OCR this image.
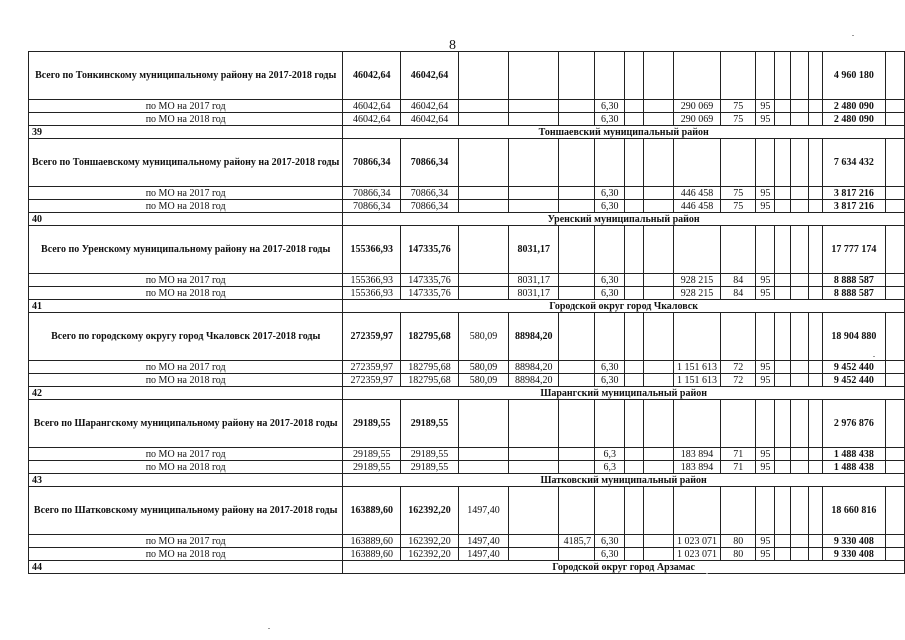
8
Всего по Тонкинскому муниципальному району на 2017-2018 годы	46042,64	46042,64													4 960 180	
по МО на 2017 год	46042,64	46042,64				6,30			290 069	75	95				2 480 090	
по МО на 2018 год	46042,64	46042,64				6,30			290 069	75	95				2 480 090	
39	Тоншаевский муниципальный район															
Всего по Тоншаевскому муниципальному району на 2017-2018 годы	70866,34	70866,34													7 634 432	
по МО на 2017 год	70866,34	70866,34				6,30			446 458	75	95				3 817 216	
по МО на 2018 год	70866,34	70866,34				6,30			446 458	75	95				3 817 216	
40	Уренский муниципальный район															
Всего по Уренскому муниципальному району на 2017-2018 годы	155366,93	147335,76		8031,17											17 777 174	
по МО на 2017 год	155366,93	147335,76		8031,17		6,30			928 215	84	95				8 888 587	
по МО на 2018 год	155366,93	147335,76		8031,17		6,30			928 215	84	95				8 888 587	
41	Городской округ город Чкаловск															
Всего по городскому округу город Чкаловск 2017-2018 годы	272359,97	182795,68	580,09	88984,20											18 904 880	
по МО на 2017 год	272359,97	182795,68	580,09	88984,20		6,30			1 151 613	72	95				9 452 440	
по МО на 2018 год	272359,97	182795,68	580,09	88984,20		6,30			1 151 613	72	95				9 452 440	
42	Шарангский муниципальный район															
Всего по Шарангскому муниципальному району на 2017-2018 годы	29189,55	29189,55													2 976 876	
по МО на 2017 год	29189,55	29189,55				6,3			183 894	71	95				1 488 438	
по МО на 2018 год	29189,55	29189,55				6,3			183 894	71	95				1 488 438	
43	Шатковский муниципальный район															
Всего по Шатковскому муниципальному району на 2017-2018 годы	163889,60	162392,20	1497,40												18 660 816	
по МО на 2017 год	163889,60	162392,20	1497,40		4185,7	6,30			1 023 071	80	95				9 330 408	
по МО на 2018 год	163889,60	162392,20	1497,40			6,30			1 023 071	80	95				9 330 408	
44	Городской округ город Арзамас															
